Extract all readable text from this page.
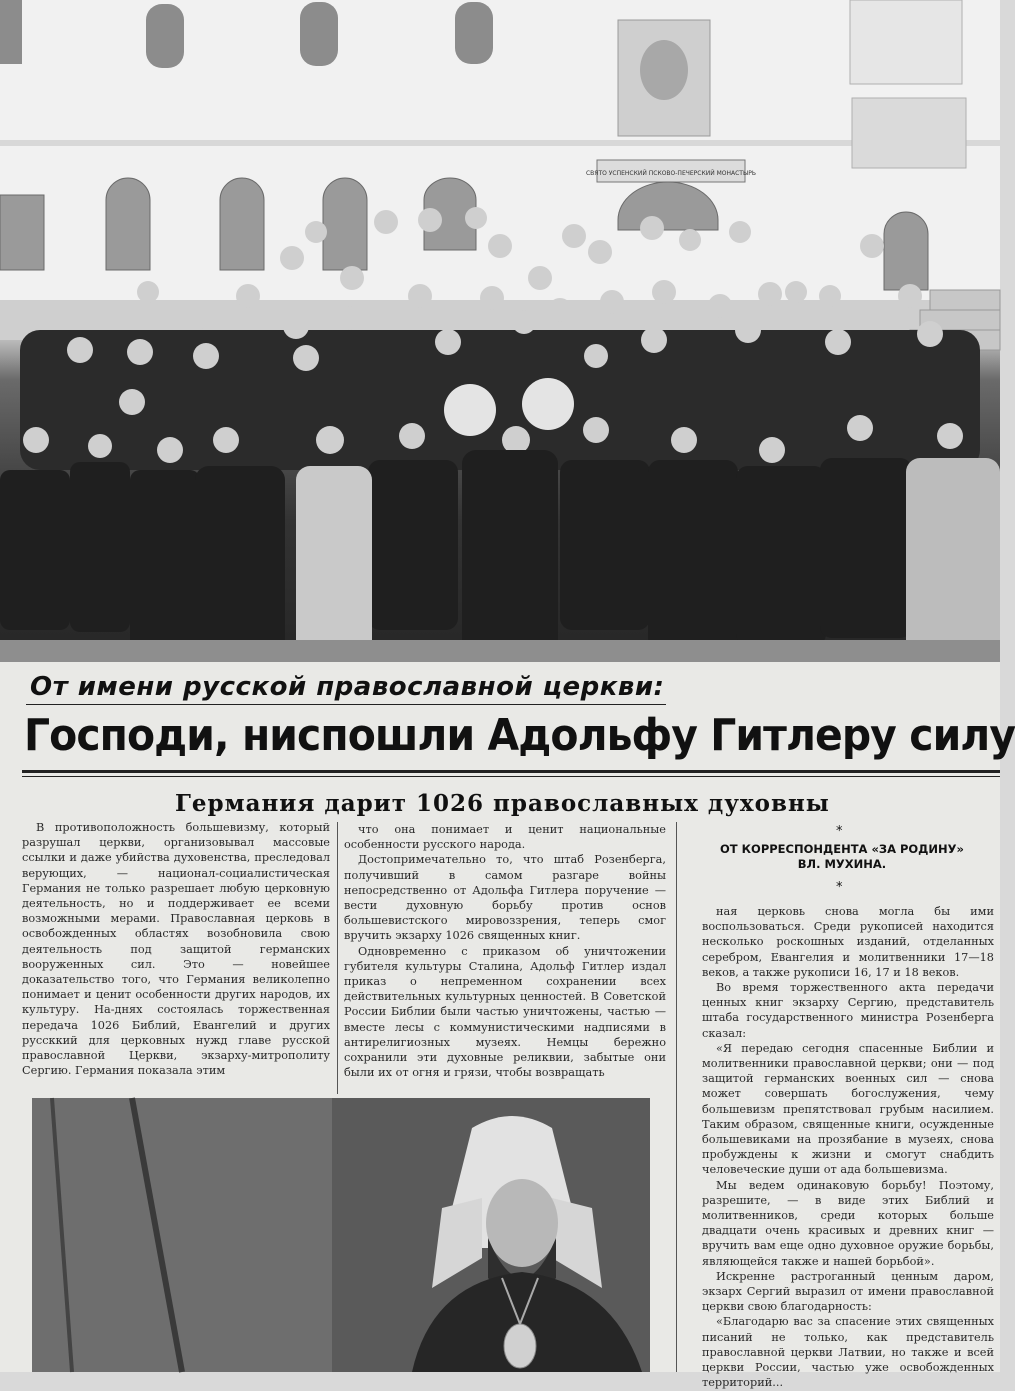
СВЯТО УСПЕНСКИЙ ПСКОВО-ПЕЧЕРСКИЙ МОНАСТЫРЬ
От имени русской православной церкви:
Господи, ниспошли Адольфу Гитлеру силу
Германия дарит 1026 православных духовны

В противоположность большевизму, который разрушал церкви, организовывал массовые ссылки и даже убийства духовенства, преследовал верующих, — национал-социалистическая Германия не только разрешает любую церковную деятельность, но и поддерживает ее всеми возможными мерами. Православная церковь в освобожденных областях возобновила свою деятельность под защитой германских вооруженных сил. Это — новейшее доказательство того, что Германия великолепно понимает и ценит особенности других народов, их культуру. На-днях состоялась торжественная передача 1026 Библий, Евангелий и других руссккий для церковных нужд главе русской православной Церкви, экзарху-митрополиту Сергию. Германия показала этим

что она понимает и ценит национальные особенности русского народа.

Достопримечательно то, что штаб Розенберга, получивший в самом разгаре войны непосредственно от Адольфа Гитлера поручение — вести духовную борьбу против основ большевистского мировоззрения, теперь смог вручить экзарху 1026 священных книг.

Одновременно с приказом об уничтожении губителя культуры Сталина, Адольф Гитлер издал приказ о непременном сохранении всех действительных культурных ценностей. В Советской России Библии были частью уничтожены, частью — вместе лесы с коммунистическими надписями в антирелигиозных музеях. Немцы бережно сохранили эти духовные реликвии, забытые они были их от огня и грязи, чтобы возвращать

*
ОТ КОРРЕСПОНДЕНТА «ЗА РОДИНУ»
ВЛ. МУХИНА.
*

ная церковь снова могла бы ими воспользоваться. Среди рукописей находится несколько роскошных изданий, отделанных серебром, Евангелия и молитвенники 17—18 веков, а также рукописи 16, 17 и 18 веков.

Во время торжественного акта передачи ценных книг экзарху Сергию, представитель штаба государственного министра Розенберга сказал:

«Я передаю сегодня спасенные Библии и молитвенники православной церкви; они — под защитой германских военных сил — снова может совершать богослужения, чему большевизм препятствовал грубым насилием. Таким образом, священные книги, осужденные большевиками на прозябание в музеях, снова пробуждены к жизни и смогут снабдить человеческие души от ада большевизма.

Мы ведем одинаковую борьбу! Поэтому, разрешите, — в виде этих Библий и молитвенников, среди которых больше двадцати очень красивых и древних книг — вручить вам еще одно духовное оружие борьбы, являющейся также и нашей борьбой».

Искренне растроганный ценным даром, экзарх Сергий выразил от имени православной церкви свою благодарность:

«Благодарю вас за спасение этих священных писаний не только, как представитель православной церкви Латвии, но также и всей церкви России, частью уже освобожденных территорий...
